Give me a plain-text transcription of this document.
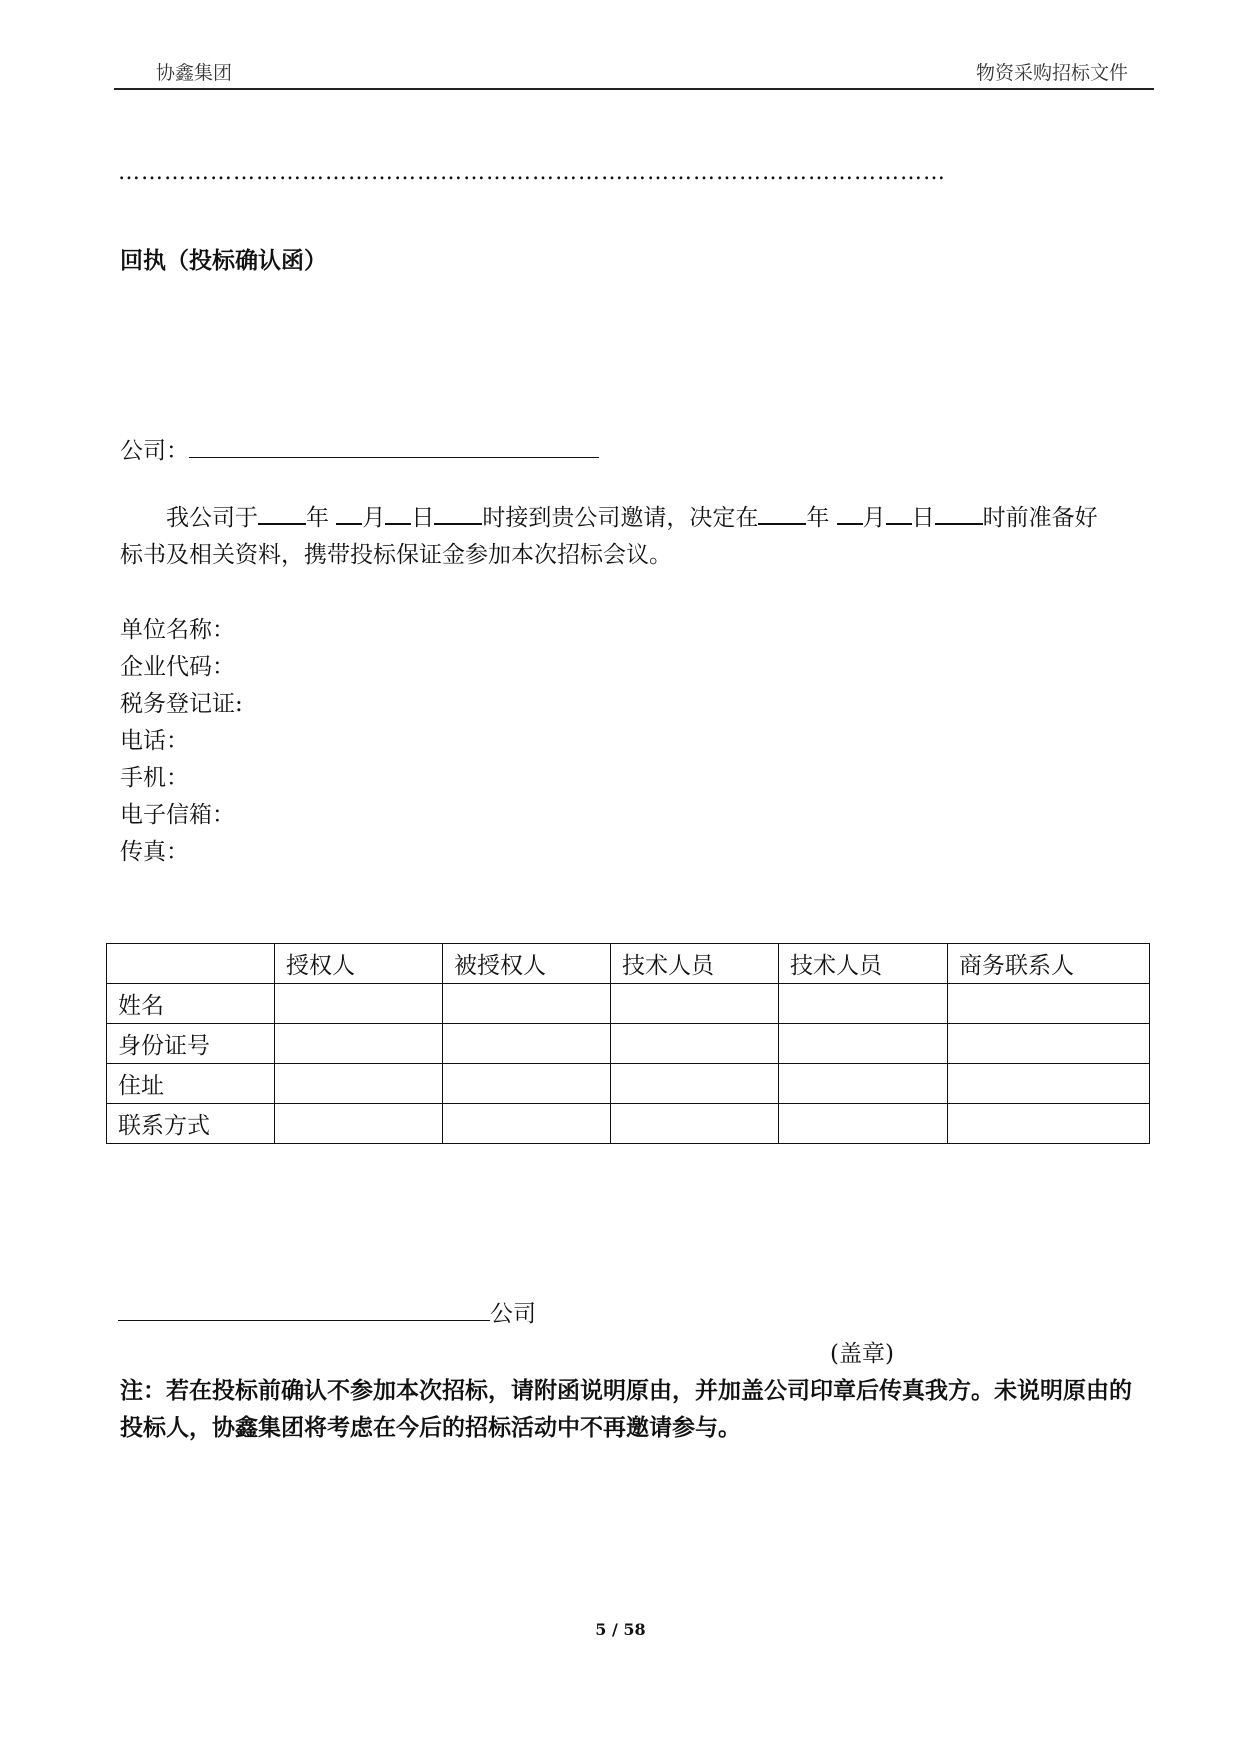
协鑫集团	物资采购招标文件
………………………………………………………………………………………………
回执（投标确认函）
公司：
我公司于 年 月 日 时接到贵公司邀请，决定在 年 月 日 时前准备好
标书及相关资料，携带投标保证金参加本次招标会议。
单位名称：
企业代码：
税务登记证:
电话：
手机：
电子信箱：
传真：
	授权人	被授权人	技术人员	技术人员	商务联系人
姓名					
身份证号					
住址					
联系方式					
公司
(盖章)
注：若在投标前确认不参加本次招标，请附函说明原由，并加盖公司印章后传真我方。未说明原由的投标人，协鑫集团将考虑在今后的招标活动中不再邀请参与。
5 / 58
